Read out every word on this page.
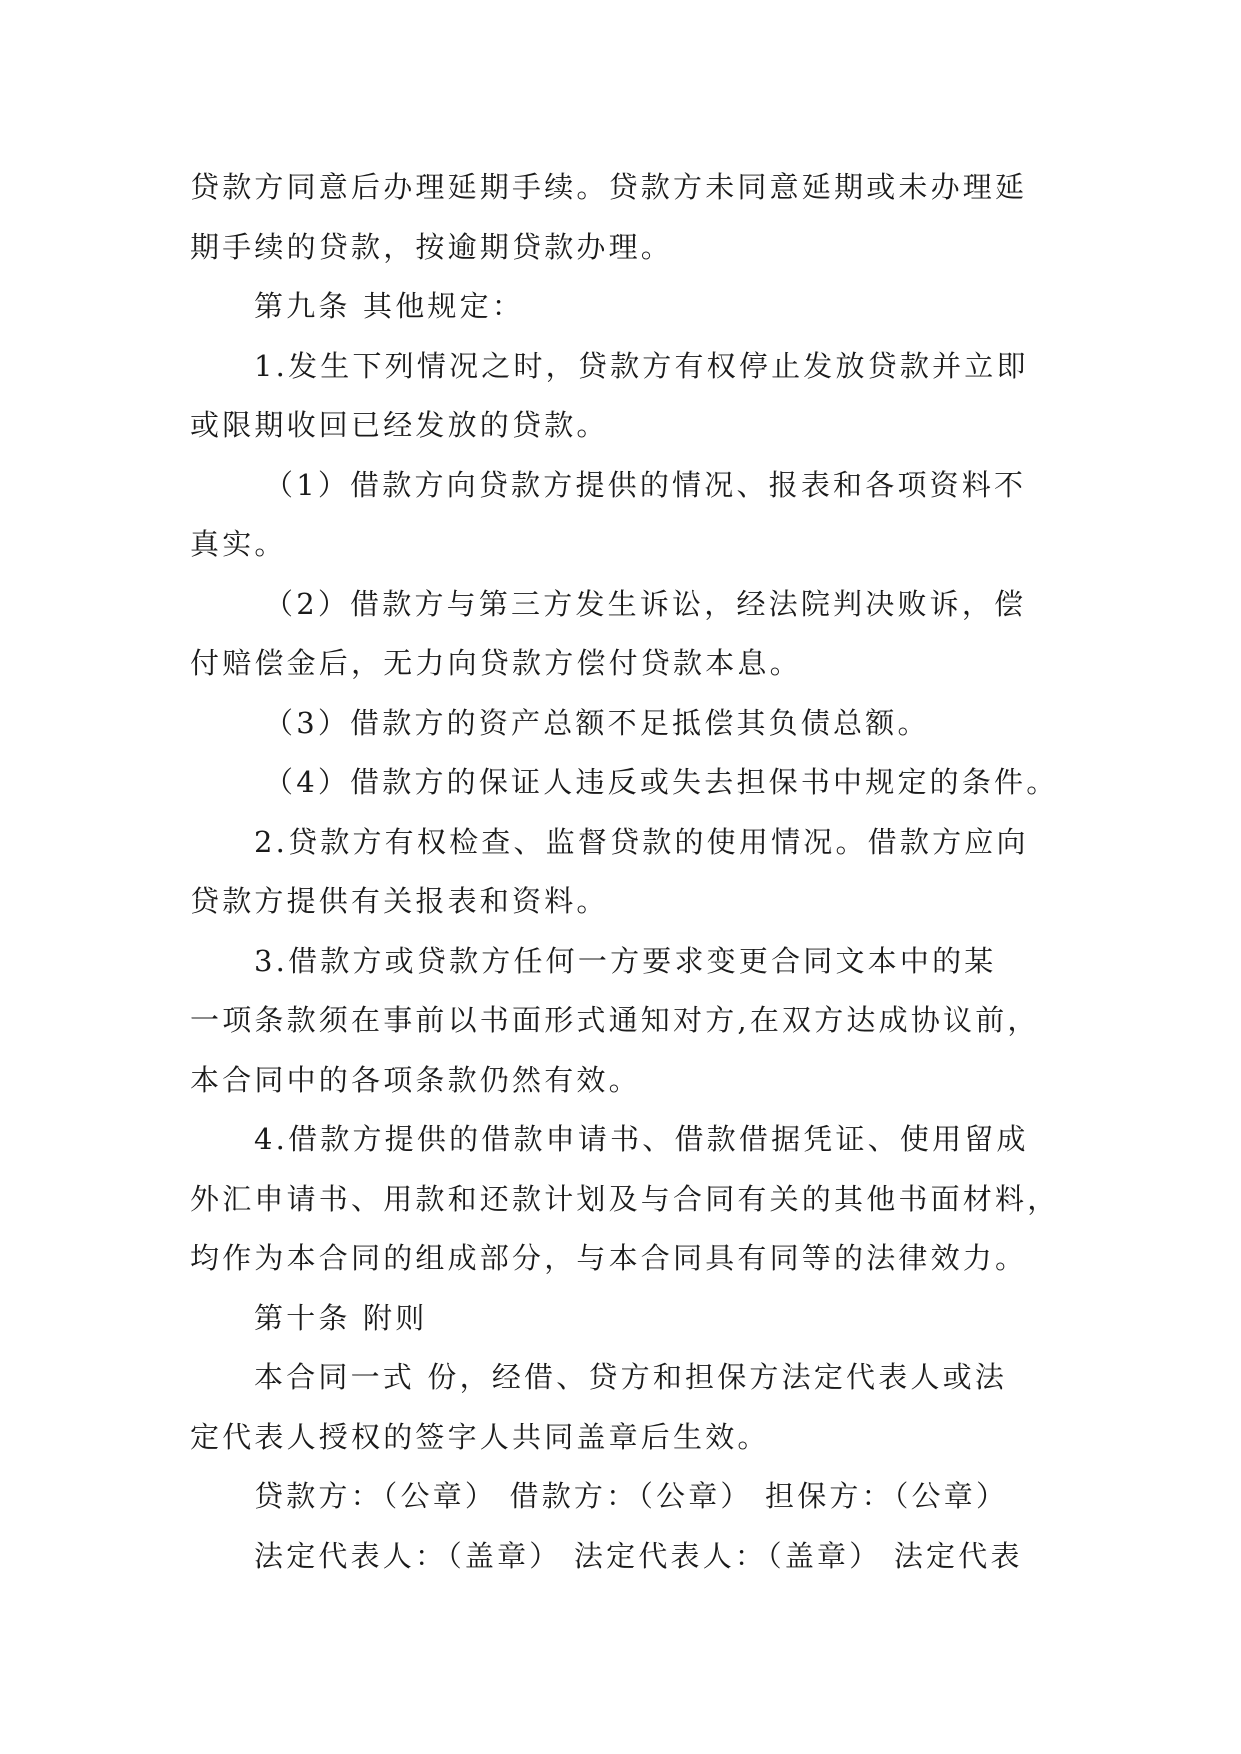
贷款方同意后办理延期手续。贷款方未同意延期或未办理延
期手续的贷款，按逾期贷款办理。
第九条 其他规定：
1.发生下列情况之时，贷款方有权停止发放贷款并立即
或限期收回已经发放的贷款。
（1）借款方向贷款方提供的情况、报表和各项资料不
真实。
（2）借款方与第三方发生诉讼，经法院判决败诉，偿
付赔偿金后，无力向贷款方偿付贷款本息。
（3）借款方的资产总额不足抵偿其负债总额。
（4）借款方的保证人违反或失去担保书中规定的条件。
2.贷款方有权检查、监督贷款的使用情况。借款方应向
贷款方提供有关报表和资料。
3.借款方或贷款方任何一方要求变更合同文本中的某
一项条款须在事前以书面形式通知对方,在双方达成协议前，
本合同中的各项条款仍然有效。
4.借款方提供的借款申请书、借款借据凭证、使用留成
外汇申请书、用款和还款计划及与合同有关的其他书面材料，
均作为本合同的组成部分，与本合同具有同等的法律效力。
第十条 附则
本合同一式 份，经借、贷方和担保方法定代表人或法
定代表人授权的签字人共同盖章后生效。
贷款方：（公章） 借款方：（公章） 担保方：（公章）
法定代表人：（盖章） 法定代表人：（盖章） 法定代表
